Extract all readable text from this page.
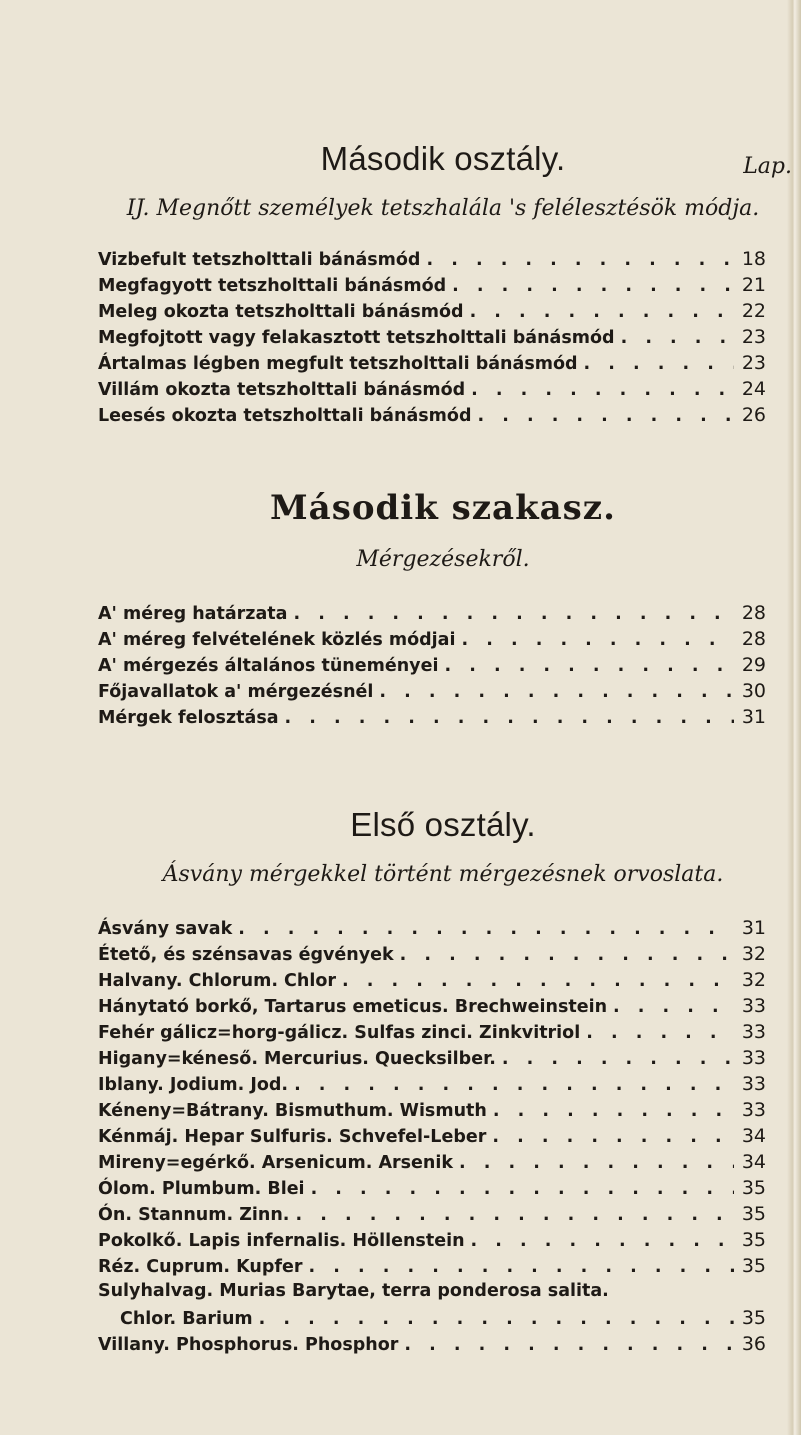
Második osztály.
IJ. Megnőtt személyek tetszhalála 's felélesztésök módja.
Lap.
Vizbefult tetszholttali bánásmód . . .	18
Megfagyott tetszholttali bánásmód . . .	21
Meleg okozta tetszholttali bánásmód . . .	22
Megfojtott vagy felakasztott tetszholttali bánásmód . . .	23
Ártalmas légben megfult tetszholttali bánásmód . . .	23
Villám okozta tetszholttali bánásmód . . .	24
Leesés okozta tetszholttali bánásmód . . .	26
Második szakasz.
Mérgezésekről.
A' méreg határzata . . .	28
A' méreg felvételének közlés módjai . . .	28
A' mérgezés általános tüneményei . . .	29
Főjavallatok a' mérgezésnél . . .	30
Mérgek felosztása . . .	31
Első osztály.
Ásvány mérgekkel történt mérgezésnek orvoslata.
Ásvány savak . . .	31
Étető, és szénsavas égvények . . .	32
Halvany. Chlorum. Chlor . . .	32
Hánytató borkő, Tartarus emeticus. Brechweinstein . . .	33
Fehér gálicz=horg-gálicz. Sulfas zinci. Zinkvitriol . . .	33
Higany=kéneső. Mercurius. Quecksilber. . . .	33
Iblany. Jodium. Jod. . . .	33
Kéneny=Bátrany. Bismuthum. Wismuth . . .	33
Kénmáj. Hepar Sulfuris. Schvefel-Leber . . .	34
Mireny=egérkő. Arsenicum. Arsenik . . .	34
Ólom. Plumbum. Blei . . .	35
Ón. Stannum. Zinn. . . .	35
Pokolkő. Lapis infernalis. Höllenstein . . .	35
Réz. Cuprum. Kupfer . . .	35
Sulyhalvag. Murias Barytae, terra ponderosa salita.
Chlor. Barium . . .	35
Villany. Phosphorus. Phosphor . . .	36
